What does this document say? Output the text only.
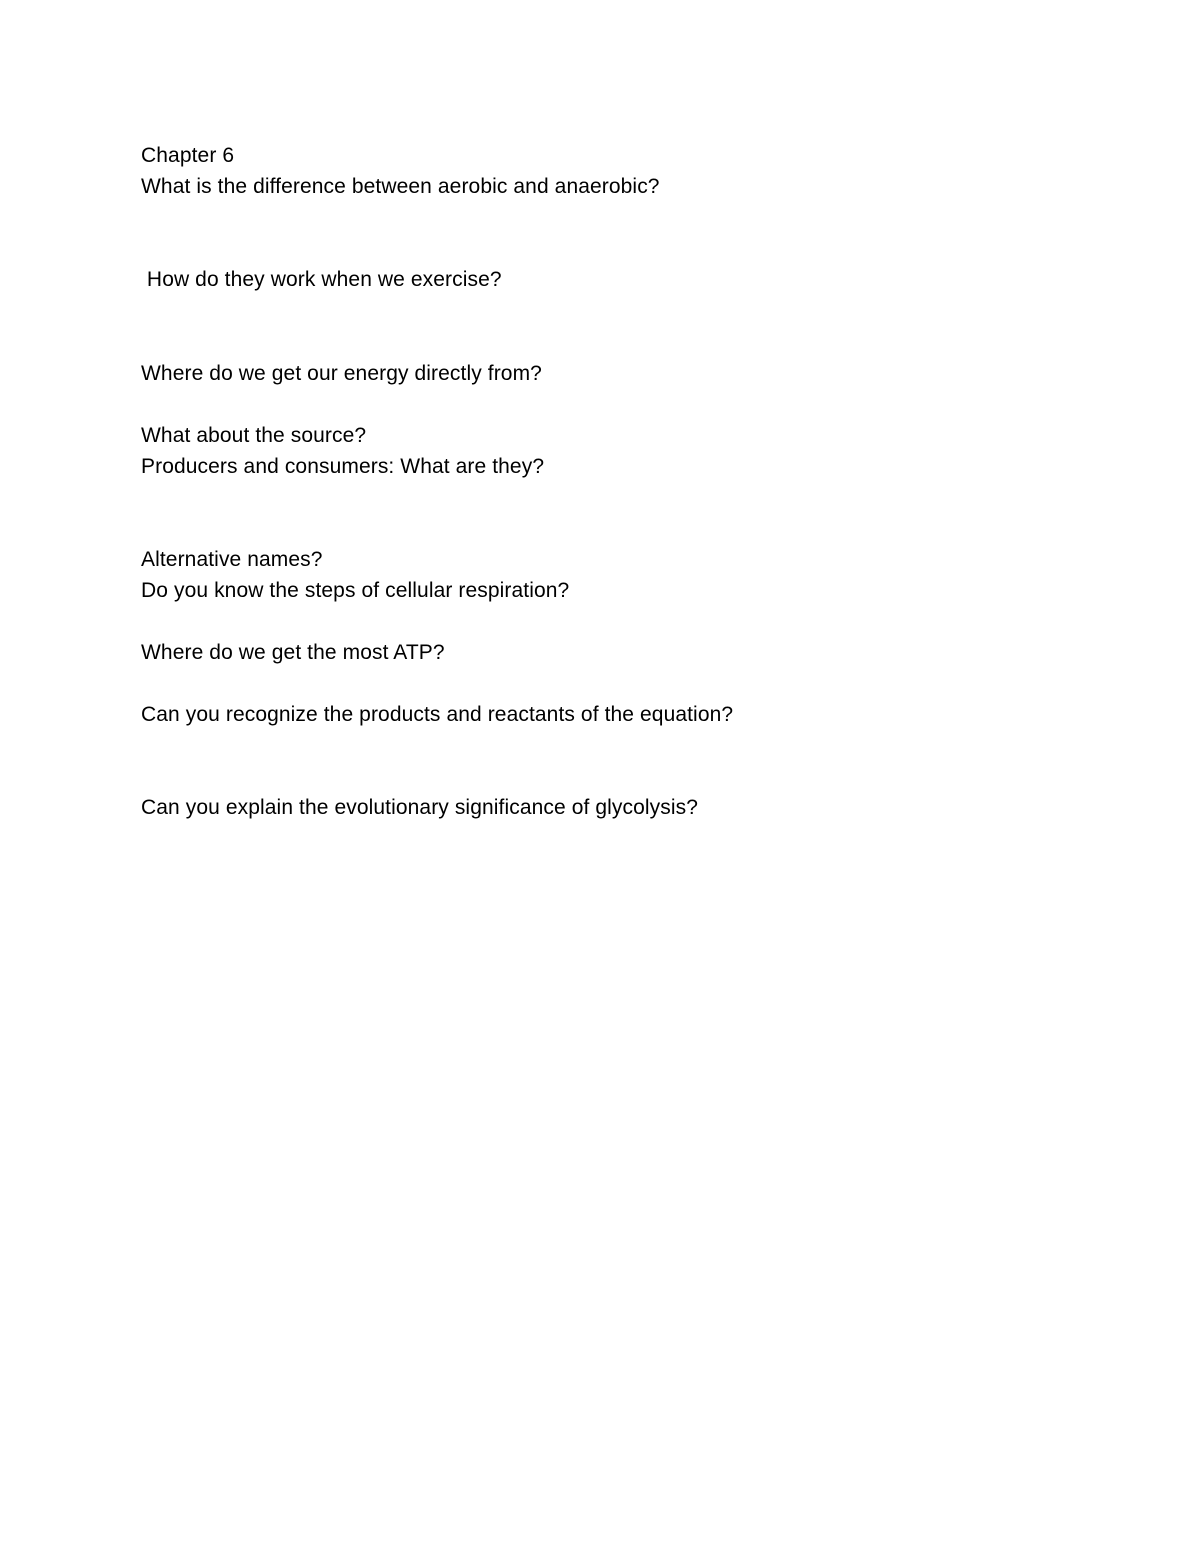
Chapter 6
What is the difference between aerobic and anaerobic?
How do they work when we exercise?
Where do we get our energy directly from?
What about the source?
Producers and consumers: What are they?
Alternative names?
Do you know the steps of cellular respiration?
Where do we get the most ATP?
Can you recognize the products and reactants of the equation?
Can you explain the evolutionary significance of glycolysis?
